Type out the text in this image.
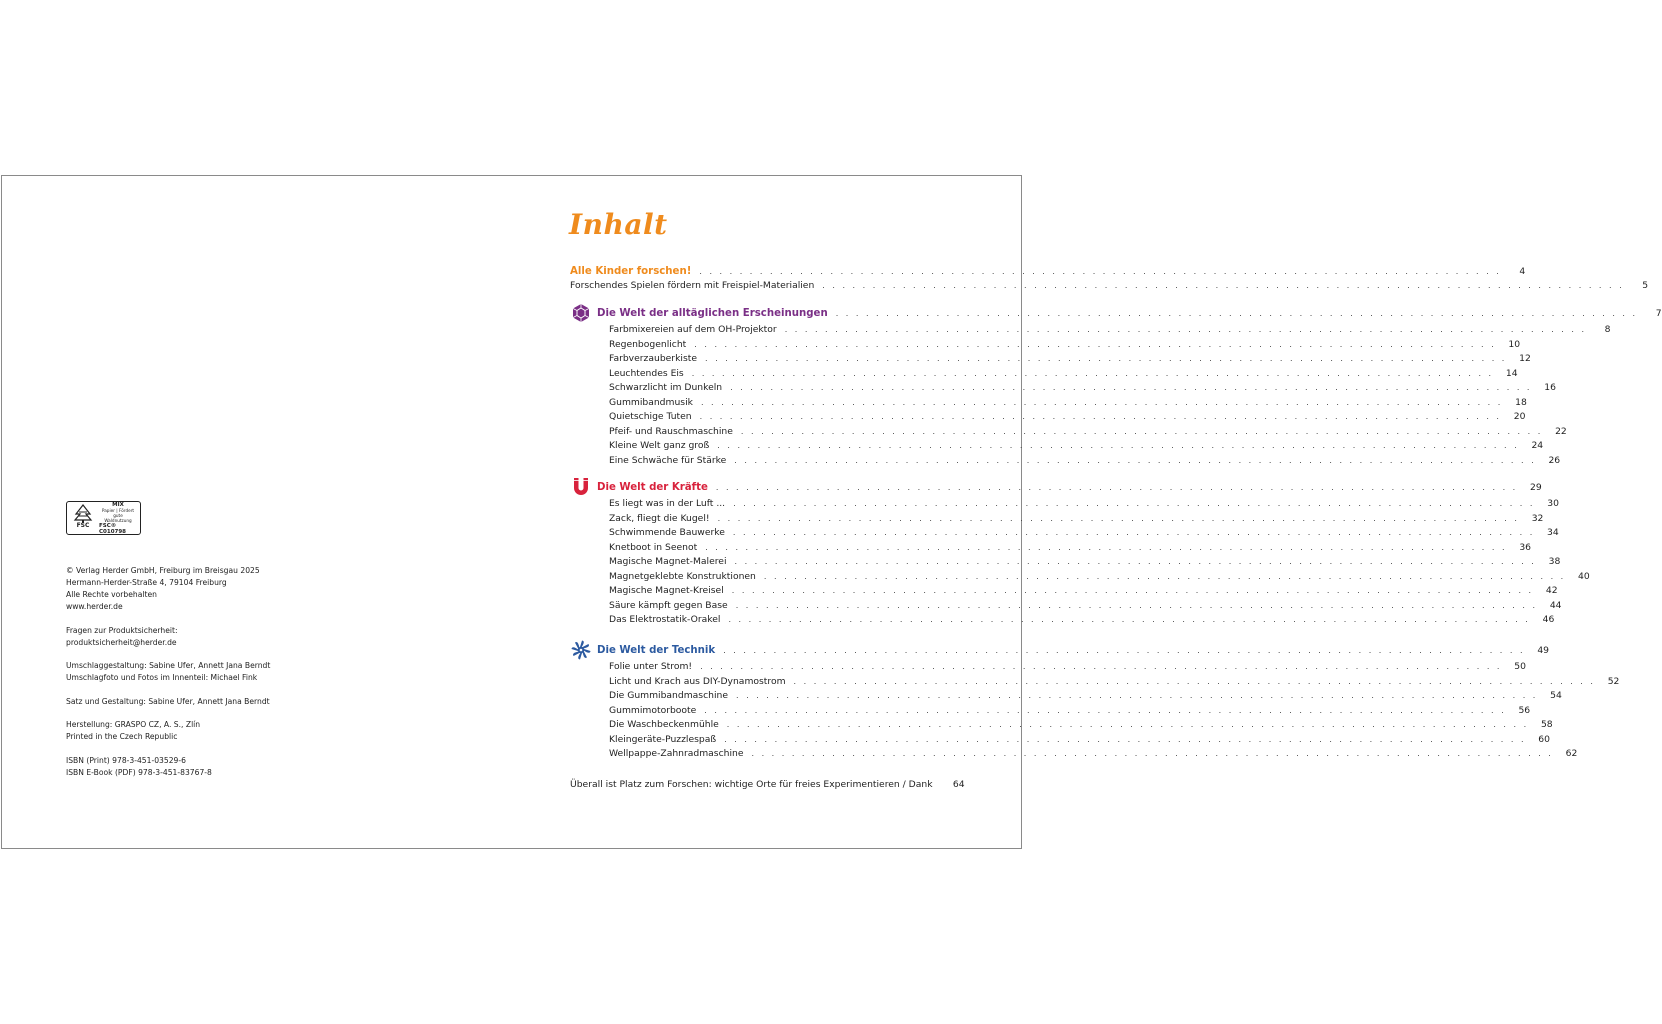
FSC
MIX
Papier | Fördert
gute Waldnutzung
FSC® C010798
© Verlag Herder GmbH, Freiburg im Breisgau 2025
Hermann-Herder-Straße 4, 79104 Freiburg
Alle Rechte vorbehalten
www.herder.de
Fragen zur Produktsicherheit:
produktsicherheit@herder.de
Umschlaggestaltung: Sabine Ufer, Annett Jana Berndt
Umschlagfoto und Fotos im Innenteil: Michael Fink
Satz und Gestaltung: Sabine Ufer, Annett Jana Berndt
Herstellung: GRASPO CZ, A. S., Zlín
Printed in the Czech Republic
ISBN (Print) 978-3-451-03529-6
ISBN E-Book (PDF) 978-3-451-83767-8
Inhalt
Alle Kinder forschen! . . . . . . . . . . . . . . . . . . . . . . . . . . . . . . . . . . . . . . . . . . . . . . . . . . . . . . . . . . . . . . . . . . . . . . . . . . . . . . . .	4
Forschendes Spielen fördern mit Freispiel-Materialien . . . . . . . . . . . . . . . . . . . . . . . . . . . . . . . . . . . . . . . . . . . . . . . . . . . . . . . . . . . . . . . . . . . . . . . . . . . . . . . .	5
Die Welt der alltäglichen Erscheinungen . . . . . . . . . . . . . . . . . . . . . . . . . . . . . . . . . . . . . . . . . . . . . . . . . . . . . . . . . . . . . . . . . . . . . . . . . . . . . . . .	7
Farbmixereien auf dem OH-Projektor . . . . . . . . . . . . . . . . . . . . . . . . . . . . . . . . . . . . . . . . . . . . . . . . . . . . . . . . . . . . . . . . . . . . . . . . . . . . . . . .	8
Regenbogenlicht . . . . . . . . . . . . . . . . . . . . . . . . . . . . . . . . . . . . . . . . . . . . . . . . . . . . . . . . . . . . . . . . . . . . . . . . . . . . . . . .	10
Farbverzauberkiste . . . . . . . . . . . . . . . . . . . . . . . . . . . . . . . . . . . . . . . . . . . . . . . . . . . . . . . . . . . . . . . . . . . . . . . . . . . . . . . .	12
Leuchtendes Eis . . . . . . . . . . . . . . . . . . . . . . . . . . . . . . . . . . . . . . . . . . . . . . . . . . . . . . . . . . . . . . . . . . . . . . . . . . . . . . . .	14
Schwarzlicht im Dunkeln . . . . . . . . . . . . . . . . . . . . . . . . . . . . . . . . . . . . . . . . . . . . . . . . . . . . . . . . . . . . . . . . . . . . . . . . . . . . . . . .	16
Gummibandmusik . . . . . . . . . . . . . . . . . . . . . . . . . . . . . . . . . . . . . . . . . . . . . . . . . . . . . . . . . . . . . . . . . . . . . . . . . . . . . . . .	18
Quietschige Tuten . . . . . . . . . . . . . . . . . . . . . . . . . . . . . . . . . . . . . . . . . . . . . . . . . . . . . . . . . . . . . . . . . . . . . . . . . . . . . . . .	20
Pfeif- und Rauschmaschine . . . . . . . . . . . . . . . . . . . . . . . . . . . . . . . . . . . . . . . . . . . . . . . . . . . . . . . . . . . . . . . . . . . . . . . . . . . . . . . .	22
Kleine Welt ganz groß . . . . . . . . . . . . . . . . . . . . . . . . . . . . . . . . . . . . . . . . . . . . . . . . . . . . . . . . . . . . . . . . . . . . . . . . . . . . . . . .	24
Eine Schwäche für Stärke . . . . . . . . . . . . . . . . . . . . . . . . . . . . . . . . . . . . . . . . . . . . . . . . . . . . . . . . . . . . . . . . . . . . . . . . . . . . . . . .	26
Die Welt der Kräfte . . . . . . . . . . . . . . . . . . . . . . . . . . . . . . . . . . . . . . . . . . . . . . . . . . . . . . . . . . . . . . . . . . . . . . . . . . . . . . . .	29
Es liegt was in der Luft ... . . . . . . . . . . . . . . . . . . . . . . . . . . . . . . . . . . . . . . . . . . . . . . . . . . . . . . . . . . . . . . . . . . . . . . . . . . . . . . . .	30
Zack, fliegt die Kugel! . . . . . . . . . . . . . . . . . . . . . . . . . . . . . . . . . . . . . . . . . . . . . . . . . . . . . . . . . . . . . . . . . . . . . . . . . . . . . . . .	32
Schwimmende Bauwerke . . . . . . . . . . . . . . . . . . . . . . . . . . . . . . . . . . . . . . . . . . . . . . . . . . . . . . . . . . . . . . . . . . . . . . . . . . . . . . . .	34
Knetboot in Seenot . . . . . . . . . . . . . . . . . . . . . . . . . . . . . . . . . . . . . . . . . . . . . . . . . . . . . . . . . . . . . . . . . . . . . . . . . . . . . . . .	36
Magische Magnet-Malerei . . . . . . . . . . . . . . . . . . . . . . . . . . . . . . . . . . . . . . . . . . . . . . . . . . . . . . . . . . . . . . . . . . . . . . . . . . . . . . . .	38
Magnetgeklebte Konstruktionen . . . . . . . . . . . . . . . . . . . . . . . . . . . . . . . . . . . . . . . . . . . . . . . . . . . . . . . . . . . . . . . . . . . . . . . . . . . . . . . .	40
Magische Magnet-Kreisel . . . . . . . . . . . . . . . . . . . . . . . . . . . . . . . . . . . . . . . . . . . . . . . . . . . . . . . . . . . . . . . . . . . . . . . . . . . . . . . .	42
Säure kämpft gegen Base . . . . . . . . . . . . . . . . . . . . . . . . . . . . . . . . . . . . . . . . . . . . . . . . . . . . . . . . . . . . . . . . . . . . . . . . . . . . . . . .	44
Das Elektrostatik-Orakel . . . . . . . . . . . . . . . . . . . . . . . . . . . . . . . . . . . . . . . . . . . . . . . . . . . . . . . . . . . . . . . . . . . . . . . . . . . . . . . .	46
Die Welt der Technik . . . . . . . . . . . . . . . . . . . . . . . . . . . . . . . . . . . . . . . . . . . . . . . . . . . . . . . . . . . . . . . . . . . . . . . . . . . . . . . .	49
Folie unter Strom! . . . . . . . . . . . . . . . . . . . . . . . . . . . . . . . . . . . . . . . . . . . . . . . . . . . . . . . . . . . . . . . . . . . . . . . . . . . . . . . .	50
Licht und Krach aus DIY-Dynamostrom . . . . . . . . . . . . . . . . . . . . . . . . . . . . . . . . . . . . . . . . . . . . . . . . . . . . . . . . . . . . . . . . . . . . . . . . . . . . . . . .	52
Die Gummibandmaschine . . . . . . . . . . . . . . . . . . . . . . . . . . . . . . . . . . . . . . . . . . . . . . . . . . . . . . . . . . . . . . . . . . . . . . . . . . . . . . . .	54
Gummimotorboote . . . . . . . . . . . . . . . . . . . . . . . . . . . . . . . . . . . . . . . . . . . . . . . . . . . . . . . . . . . . . . . . . . . . . . . . . . . . . . . .	56
Die Waschbeckenmühle . . . . . . . . . . . . . . . . . . . . . . . . . . . . . . . . . . . . . . . . . . . . . . . . . . . . . . . . . . . . . . . . . . . . . . . . . . . . . . . .	58
Kleingeräte-Puzzlespaß . . . . . . . . . . . . . . . . . . . . . . . . . . . . . . . . . . . . . . . . . . . . . . . . . . . . . . . . . . . . . . . . . . . . . . . . . . . . . . . .	60
Wellpappe-Zahnradmaschine . . . . . . . . . . . . . . . . . . . . . . . . . . . . . . . . . . . . . . . . . . . . . . . . . . . . . . . . . . . . . . . . . . . . . . . . . . . . . . . .	62
Überall ist Platz zum Forschen: wichtige Orte für freies Experimentieren / Dank	64
